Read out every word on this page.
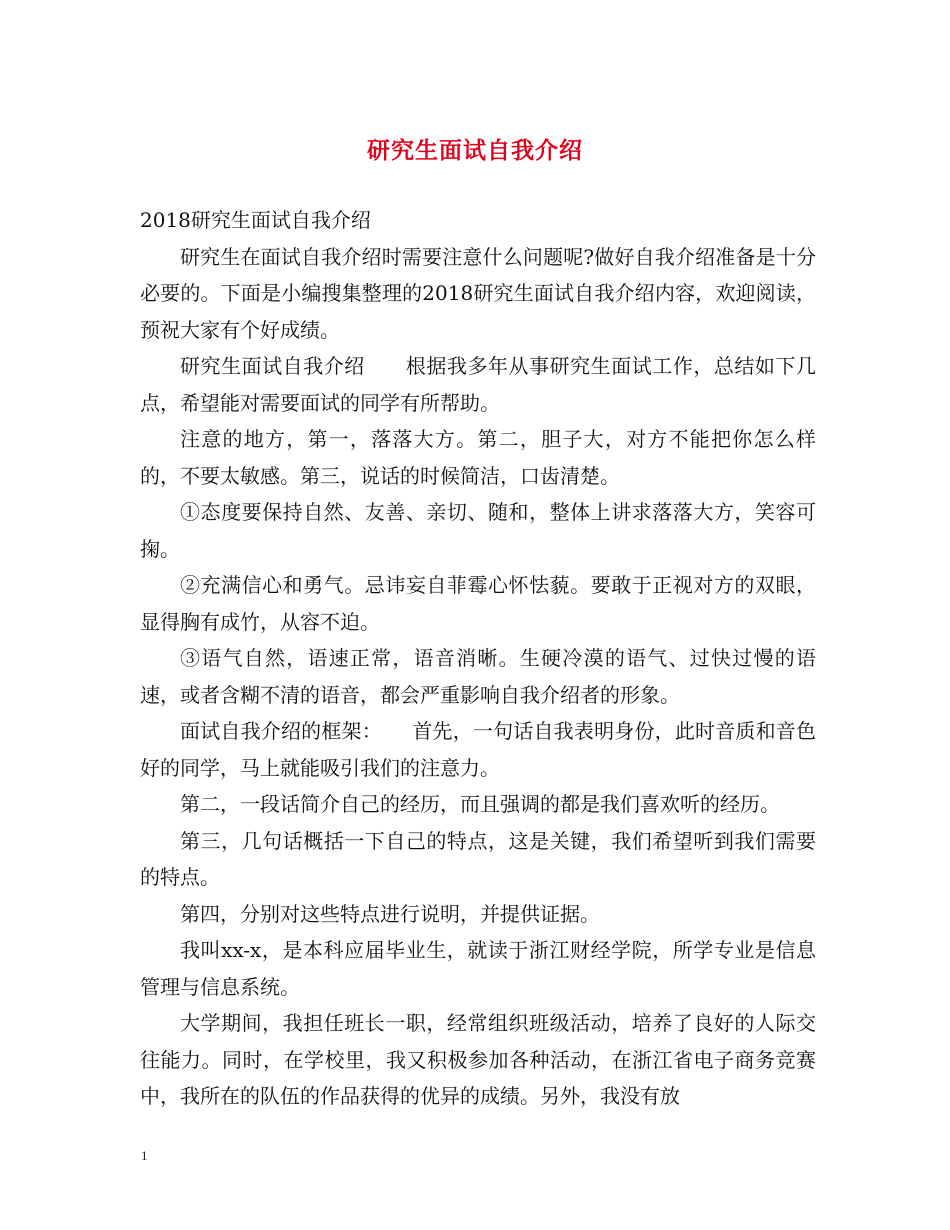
研究生面试自我介绍

2018研究生面试自我介绍

研究生在面试自我介绍时需要注意什么问题呢?做好自我介绍准备是十分必要的。下面是小编搜集整理的2018研究生面试自我介绍内容，欢迎阅读，预祝大家有个好成绩。

研究生面试自我介绍　　根据我多年从事研究生面试工作，总结如下几点，希望能对需要面试的同学有所帮助。

注意的地方，第一，落落大方。第二，胆子大，对方不能把你怎么样的，不要太敏感。第三，说话的时候简洁，口齿清楚。

①态度要保持自然、友善、亲切、随和，整体上讲求落落大方，笑容可掬。

②充满信心和勇气。忌讳妄自菲霉心怀怯藐。要敢于正视对方的双眼，显得胸有成竹，从容不迫。

③语气自然，语速正常，语音消晰。生硬冷漠的语气、过快过慢的语速，或者含糊不清的语音，都会严重影响自我介绍者的形象。

面试自我介绍的框架：　　首先，一句话自我表明身份，此时音质和音色好的同学，马上就能吸引我们的注意力。

第二，一段话简介自己的经历，而且强调的都是我们喜欢听的经历。

第三，几句话概括一下自己的特点，这是关键，我们希望听到我们需要的特点。

第四，分别对这些特点进行说明，并提供证据。

我叫xx-x，是本科应届毕业生，就读于浙江财经学院，所学专业是信息管理与信息系统。

大学期间，我担任班长一职，经常组织班级活动，培养了良好的人际交往能力。同时，在学校里，我又积极参加各种活动，在浙江省电子商务竞赛中，我所在的队伍的作品获得的优异的成绩。另外，我没有放

1
